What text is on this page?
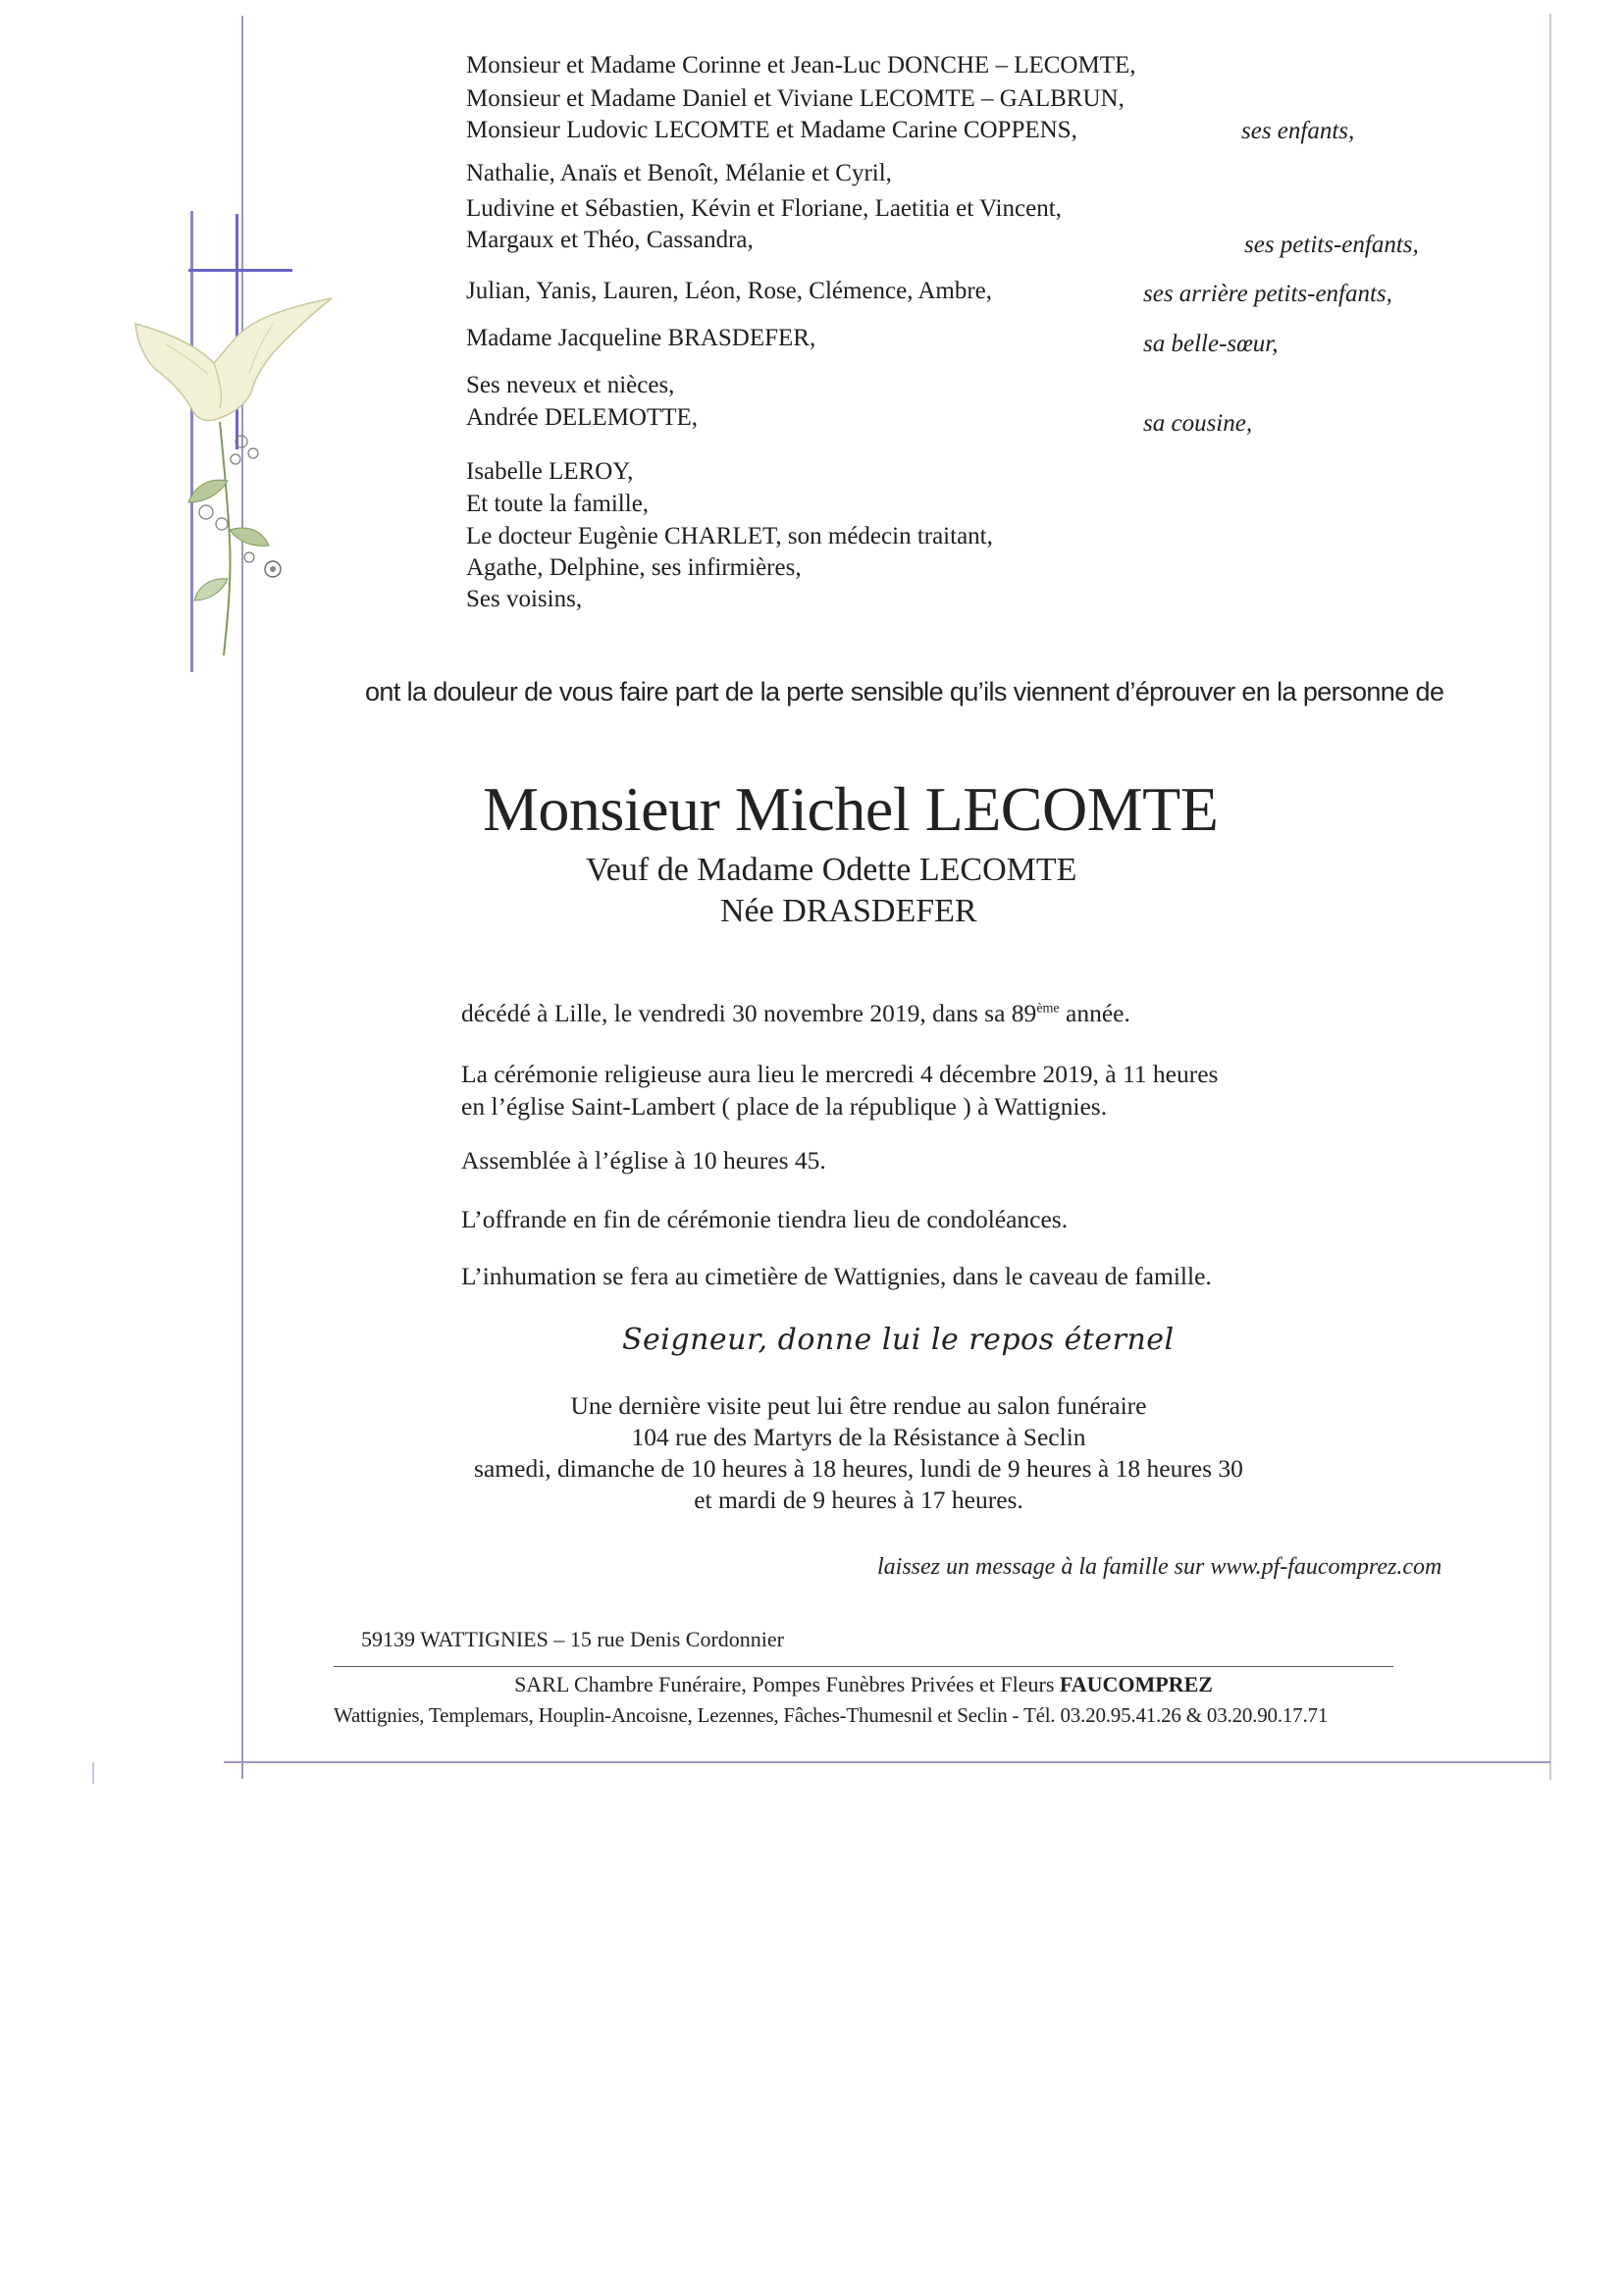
Monsieur et Madame Corinne et Jean-Luc DONCHE – LECOMTE,
Monsieur et Madame Daniel et Viviane LECOMTE – GALBRUN,
Monsieur Ludovic LECOMTE et Madame Carine COPPENS,	ses enfants,
Nathalie, Anaïs et Benoît, Mélanie et Cyril,
Ludivine et Sébastien, Kévin et Floriane, Laetitia et Vincent,
Margaux et Théo, Cassandra,	ses petits-enfants,
Julian, Yanis, Lauren, Léon, Rose, Clémence, Ambre,	ses arrière petits-enfants,
Madame Jacqueline BRASDEFER,	sa belle-sœur,
Ses neveux et nièces,
Andrée DELEMOTTE,	sa cousine,
Isabelle LEROY,
Et toute la famille,
Le docteur Eugènie CHARLET, son médecin traitant,
Agathe, Delphine, ses infirmières,
Ses voisins,
ont la douleur de vous faire part de la perte sensible qu’ils viennent d’éprouver en la personne de
Monsieur Michel LECOMTE
Veuf de Madame Odette LECOMTE
Née DRASDEFER
décédé à Lille, le vendredi 30 novembre 2019, dans sa 89ème année.
La cérémonie religieuse aura lieu le mercredi 4 décembre 2019, à 11 heures
en l’église Saint-Lambert ( place de la république ) à Wattignies.
Assemblée à l’église à 10 heures 45.
L’offrande en fin de cérémonie tiendra lieu de condoléances.
L’inhumation se fera au cimetière de Wattignies, dans le caveau de famille.
Seigneur, donne lui le repos éternel
Une dernière visite peut lui être rendue au salon funéraire
104 rue des Martyrs de la Résistance à Seclin
samedi, dimanche de 10 heures à 18 heures, lundi de 9 heures à 18 heures 30
et mardi de 9 heures à 17 heures.
laissez un message à la famille sur www.pf-faucomprez.com
59139 WATTIGNIES – 15 rue Denis Cordonnier
SARL Chambre Funéraire, Pompes Funèbres Privées et Fleurs FAUCOMPREZ
Wattignies, Templemars, Houplin-Ancoisne, Lezennes, Fâches-Thumesnil et Seclin - Tél. 03.20.95.41.26 & 03.20.90.17.71
